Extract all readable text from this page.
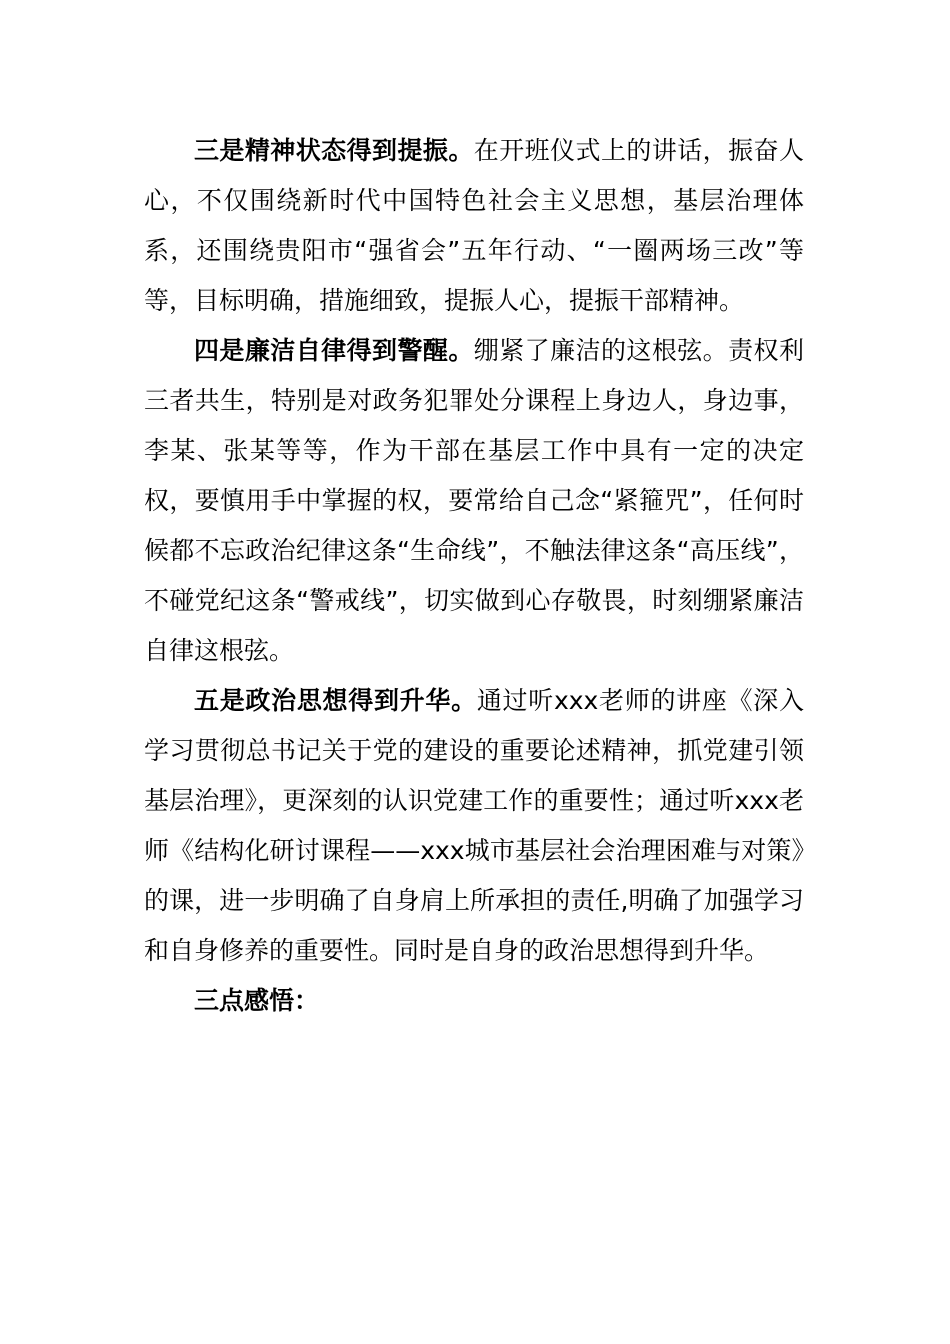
三是精神状态得到提振。在开班仪式上的讲话，振奋人心，不仅围绕新时代中国特色社会主义思想，基层治理体系，还围绕贵阳市“强省会”五年行动、“一圈两场三改”等等，目标明确，措施细致，提振人心，提振干部精神。

四是廉洁自律得到警醒。绷紧了廉洁的这根弦。责权利三者共生，特别是对政务犯罪处分课程上身边人，身边事，李某、张某等等，作为干部在基层工作中具有一定的决定权，要慎用手中掌握的权，要常给自己念“紧箍咒”，任何时候都不忘政治纪律这条“生命线”，不触法律这条“高压线”，不碰党纪这条“警戒线”，切实做到心存敬畏，时刻绷紧廉洁自律这根弦。

五是政治思想得到升华。通过听xxx老师的讲座《深入学习贯彻总书记关于党的建设的重要论述精神，抓党建引领基层治理》，更深刻的认识党建工作的重要性；通过听xxx老师《结构化研讨课程——xxx城市基层社会治理困难与对策》的课，进一步明确了自身肩上所承担的责任,明确了加强学习和自身修养的重要性。同时是自身的政治思想得到升华。

三点感悟：
